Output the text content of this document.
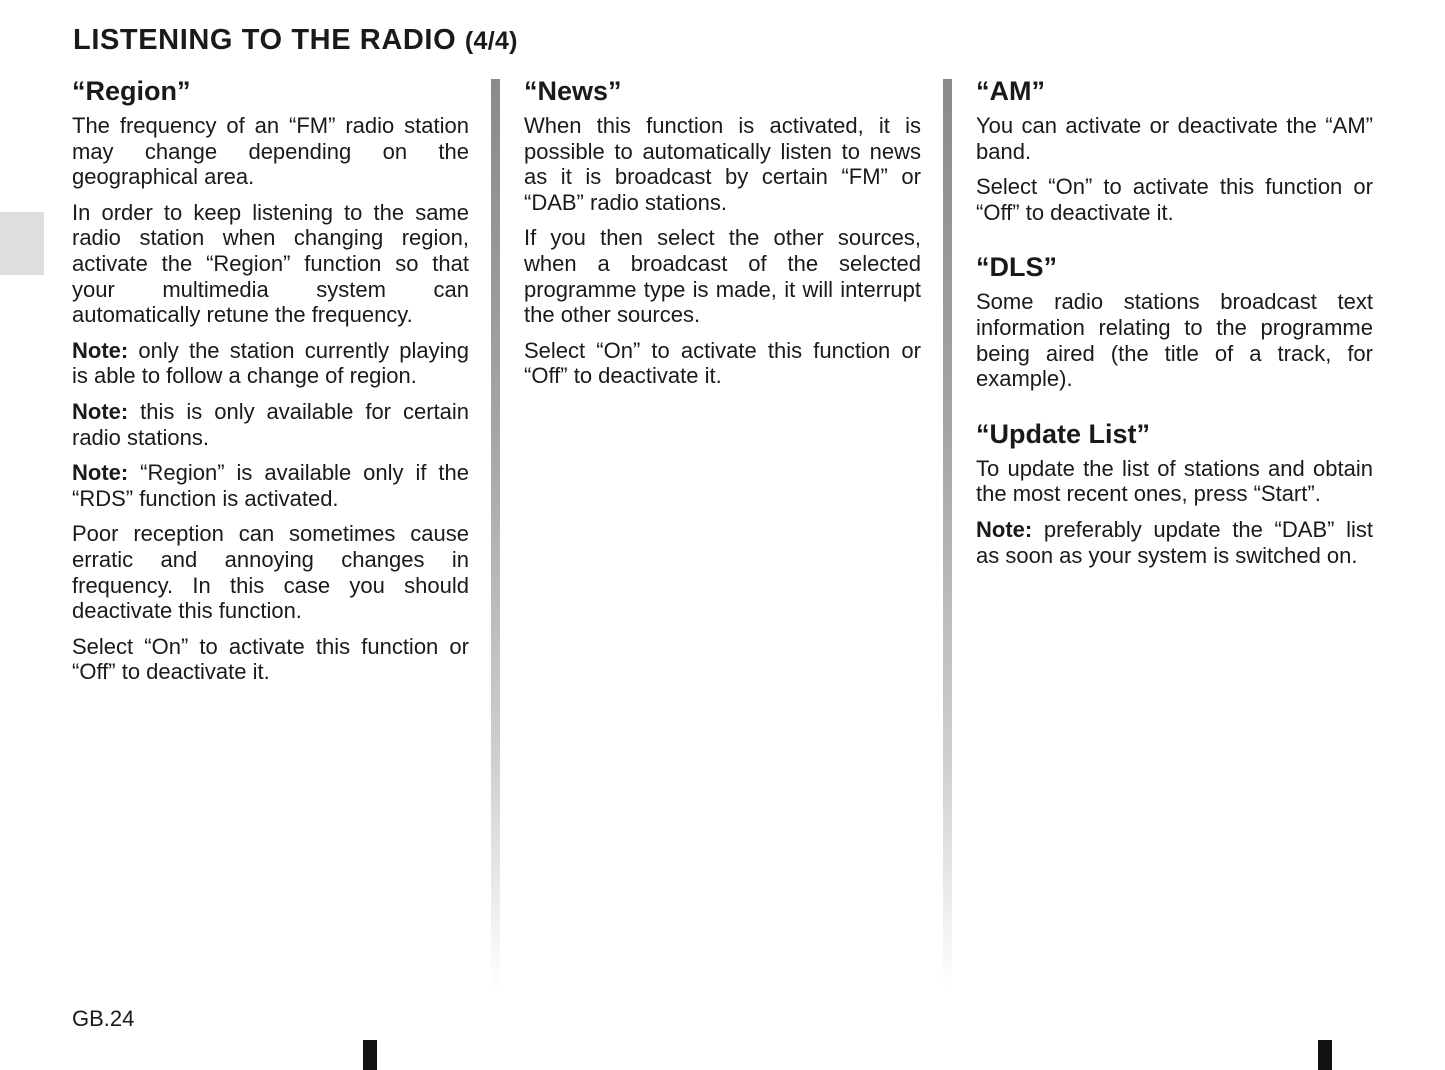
LISTENING TO THE RADIO (4/4)
“Region”

The frequency of an “FM” radio station may change depending on the geographical area.

In order to keep listening to the same radio station when changing region, activate the “Region” function so that your multimedia system can automatically retune the frequency.

Note: only the station currently playing is able to follow a change of region.

Note: this is only available for certain radio stations.

Note: “Region” is available only if the “RDS” function is activated.

Poor reception can sometimes cause erratic and annoying changes in frequency. In this case you should deactivate this function.

Select “On” to activate this function or “Off” to deactivate it.

“News”

When this function is activated, it is possible to automatically listen to news as it is broadcast by certain “FM” or “DAB” radio stations.

If you then select the other sources, when a broadcast of the selected programme type is made, it will interrupt the other sources.

Select “On” to activate this function or “Off” to deactivate it.

“AM”

You can activate or deactivate the “AM” band.

Select “On” to activate this function or “Off” to deactivate it.

“DLS”

Some radio stations broadcast text information relating to the programme being aired (the title of a track, for example).

“Update List”

To update the list of stations and obtain the most recent ones, press “Start”.

Note: preferably update the “DAB” list as soon as your system is switched on.

GB.24
